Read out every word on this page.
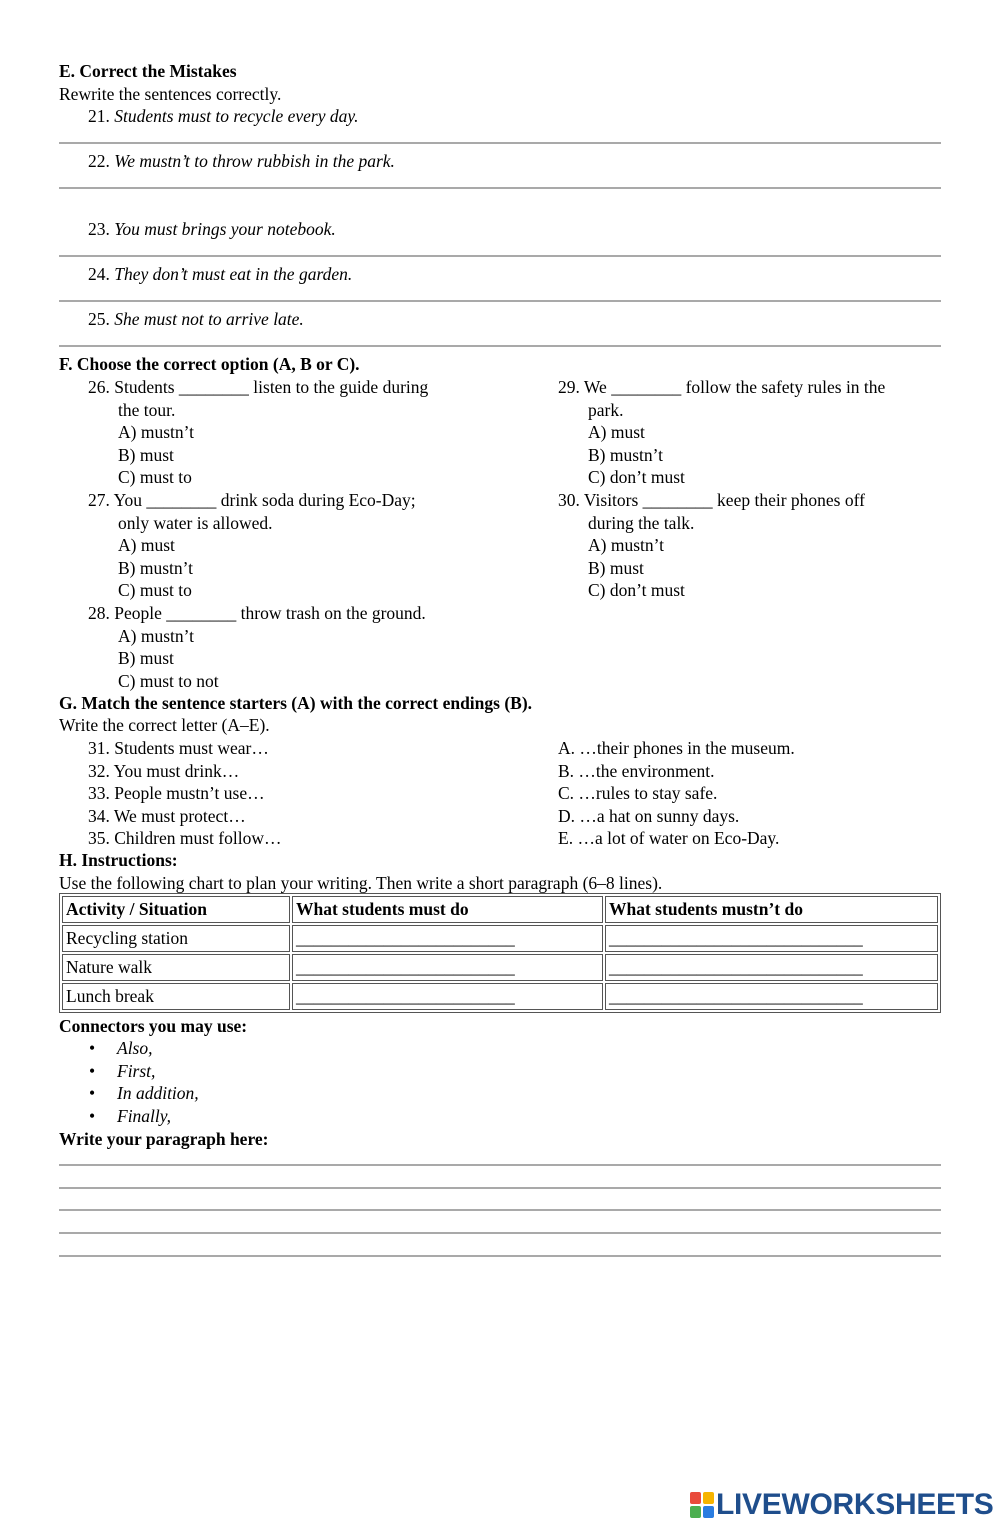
E. Correct the Mistakes
Rewrite the sentences correctly.
21. Students must to recycle every day.
22. We mustn’t to throw rubbish in the park.
23. You must brings your notebook.
24. They don’t must eat in the garden.
25. She must not to arrive late.
F. Choose the correct option (A, B or C).
26. Students ________ listen to the guide during
the tour.
A) mustn’t
B) must
C) must to
27. You ________ drink soda during Eco-Day;
only water is allowed.
A) must
B) mustn’t
C) must to
28. People ________ throw trash on the ground.
A) mustn’t
B) must
C) must to not
29. We ________ follow the safety rules in the
park.
A) must
B) mustn’t
C) don’t must
30. Visitors ________ keep their phones off
during the talk.
A) mustn’t
B) must
C) don’t must
G. Match the sentence starters (A) with the correct endings (B).
Write the correct letter (A–E).
31. Students must wear…
32. You must drink…
33. People mustn’t use…
34. We must protect…
35. Children must follow…
A. …their phones in the museum.
B. …the environment.
C. …rules to stay safe.
D. …a hat on sunny days.
E. …a lot of water on Eco-Day.
H. Instructions:
Use the following chart to plan your writing. Then write a short paragraph (6–8 lines).
Activity / Situation	What students must do	What students mustn’t do
Recycling station	_________________________	_____________________________
Nature walk	_________________________	_____________________________
Lunch break	_________________________	_____________________________
Connectors you may use:
• Also,
• First,
• In addition,
• Finally,
Write your paragraph here:
LIVEWORKSHEETS
